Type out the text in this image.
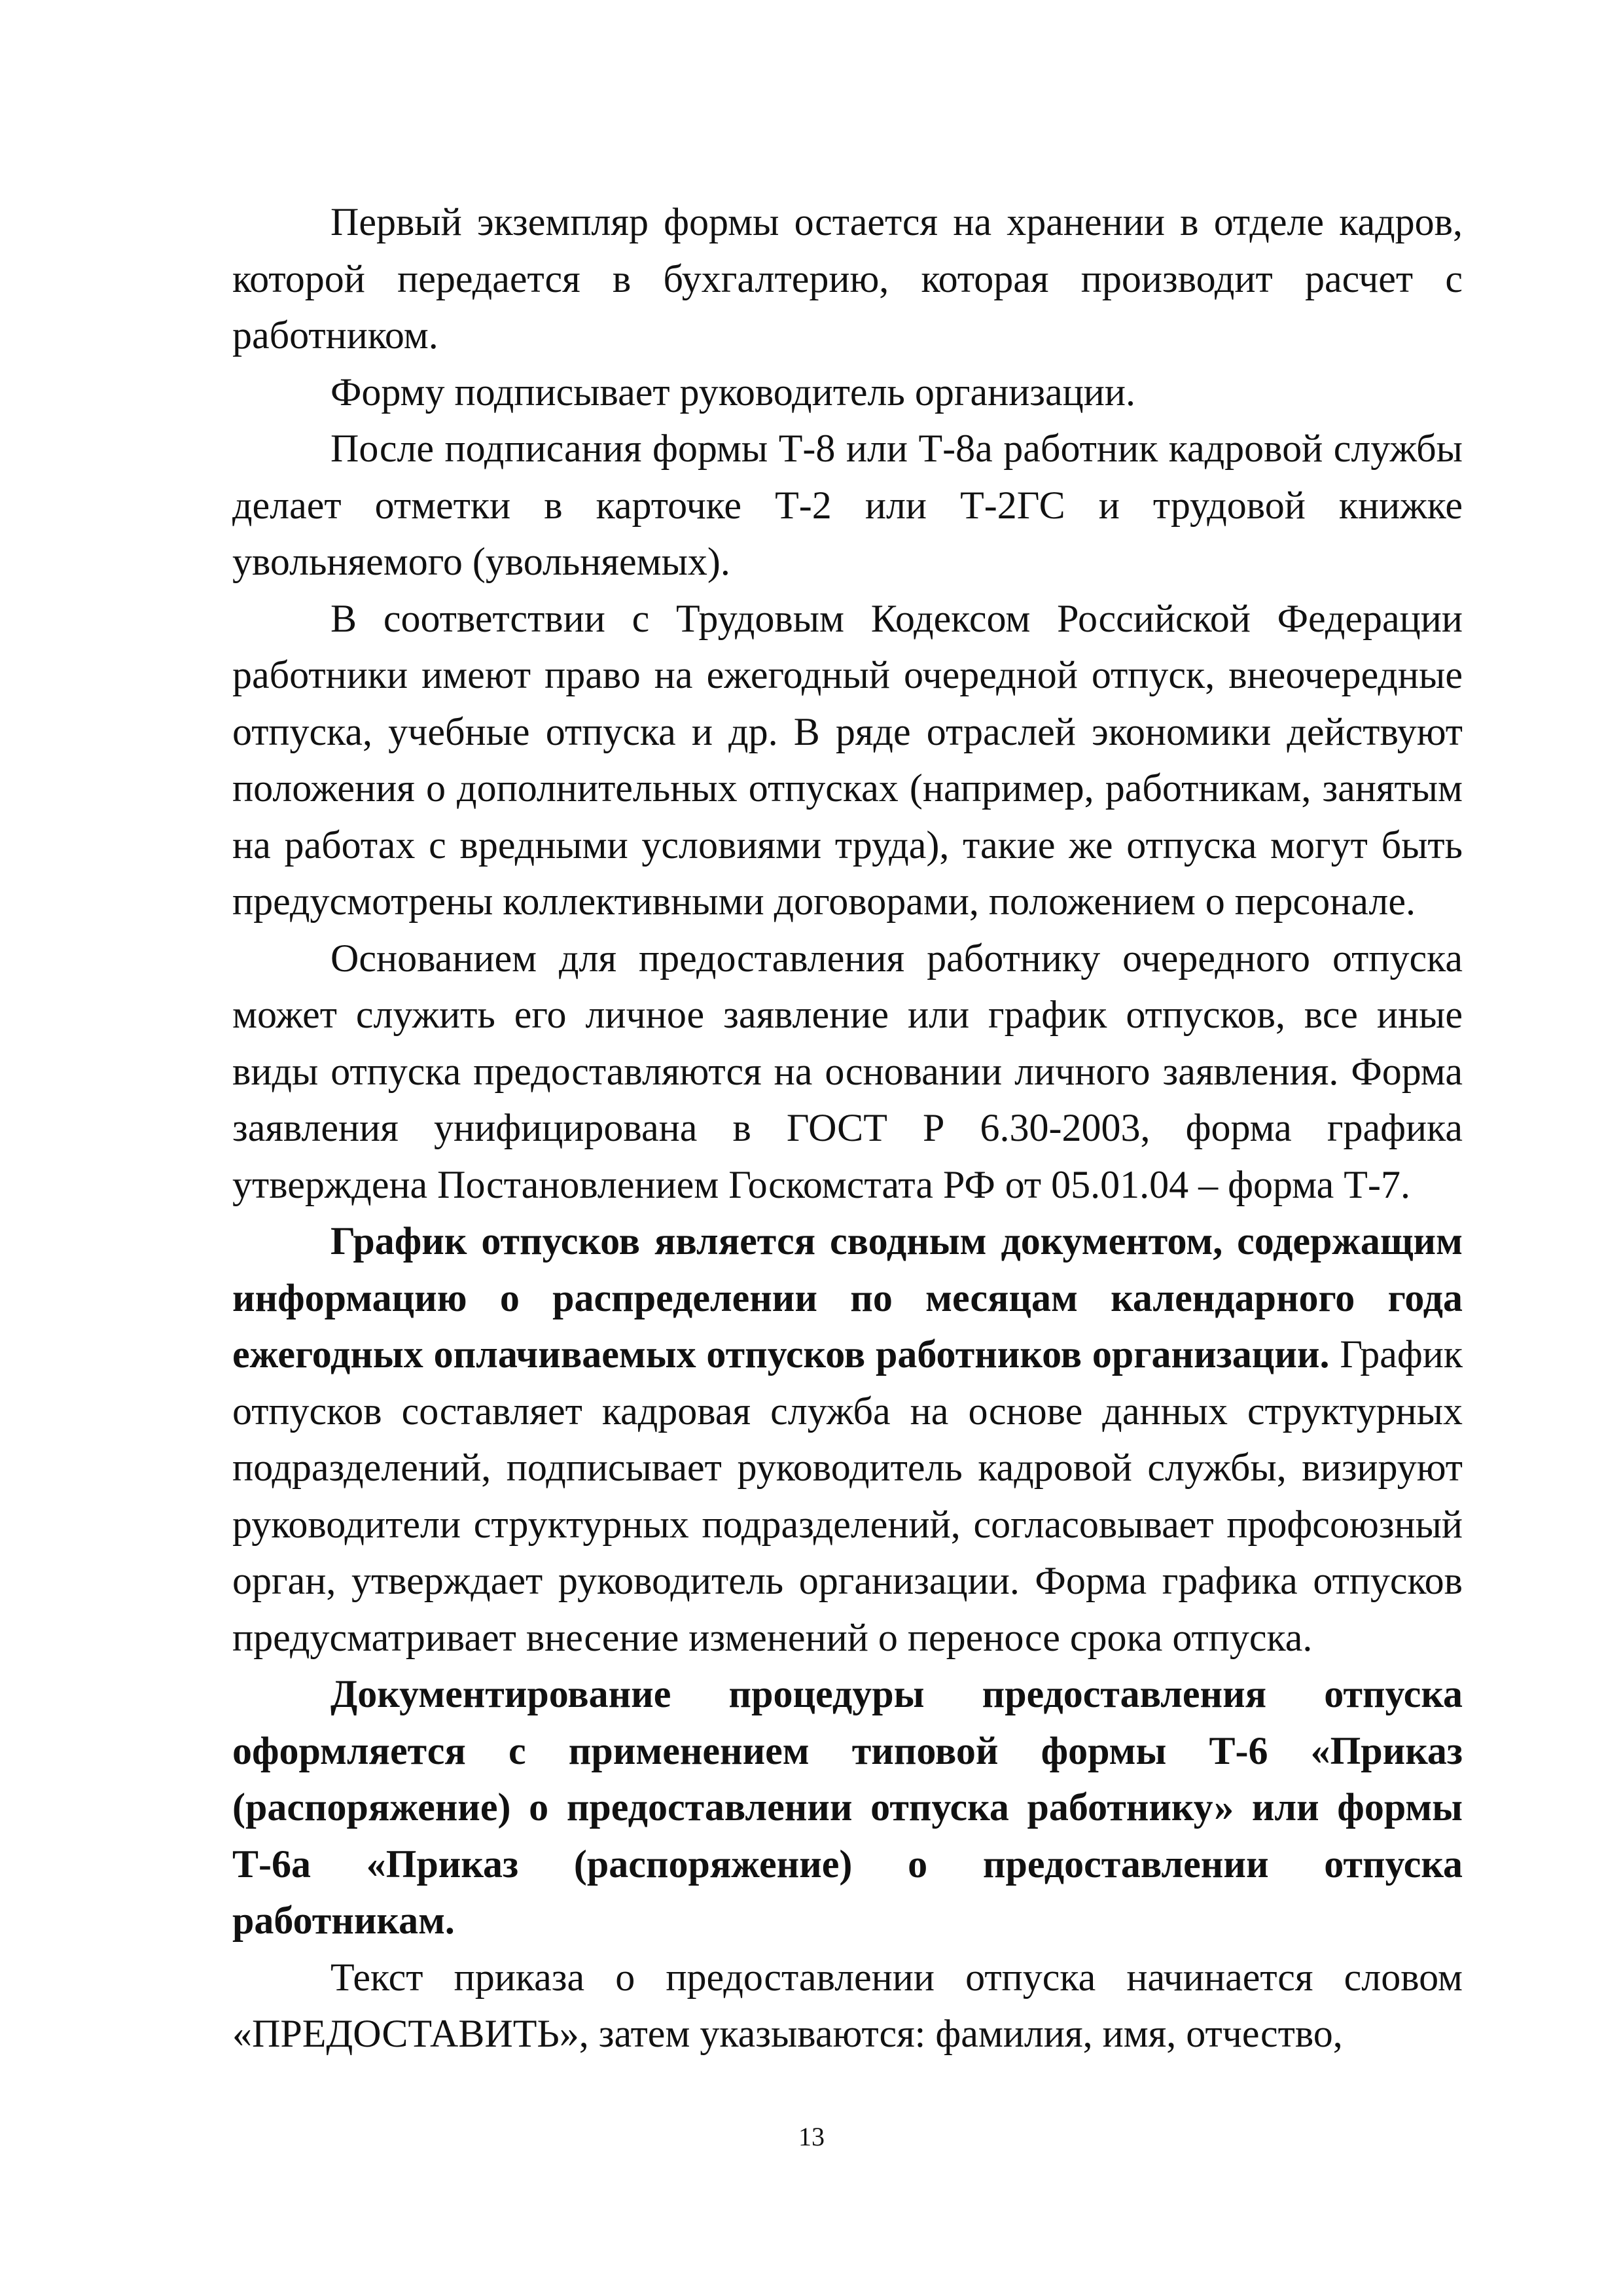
Первый экземпляр формы остается на хранении в отделе кадров, которой передается в бухгалтерию, которая производит расчет с работником.

Форму подписывает руководитель организации.

После подписания формы Т-8 или Т-8а работник кадровой службы делает отметки в карточке Т-2 или Т-2ГС и трудовой книжке увольняемого (увольняемых).

В соответствии с Трудовым Кодексом Российской Федерации работники имеют право на ежегодный очередной отпуск, внеочередные отпуска, учебные отпуска и др. В ряде отраслей экономики действуют положения о дополнительных отпусках (например, работникам, занятым на работах с вредными условиями труда), такие же отпуска могут быть предусмотрены коллективными договорами, положением о персонале.

Основанием для предоставления работнику очередного отпуска может служить его личное заявление или график отпусков, все иные виды отпуска предоставляются на основании личного заявления. Форма заявления унифицирована в ГОСТ Р 6.30-2003, форма графика утверждена Постановлением Госкомстата РФ от 05.01.04 – форма Т-7.

График отпусков является сводным документом, содержащим информацию о распределении по месяцам календарного года ежегодных оплачиваемых отпусков работников организации. График отпусков составляет кадровая служба на основе данных структурных подразделений, подписывает руководитель кадровой службы, визируют руководители структурных подразделений, согласовывает профсоюзный орган, утверждает руководитель организации. Форма графика отпусков предусматривает внесение изменений о переносе срока отпуска.

Документирование процедуры предоставления отпуска оформляется с применением типовой формы Т-6 «Приказ (распоряжение) о предоставлении отпуска работнику» или формы Т-6а «Приказ (распоряжение) о предоставлении отпуска работникам.

Текст приказа о предоставлении отпуска начинается словом «ПРЕДОСТАВИТЬ», затем указываются: фамилия, имя, отчество,

13
